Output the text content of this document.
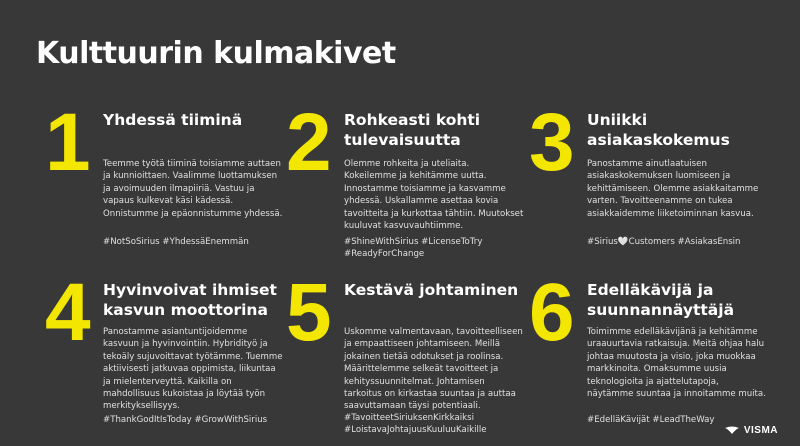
Kulttuurin kulmakivet
1 Yhdessä tiiminä
Teemme työtä tiiminä toisiamme auttaen ja kunnioittaen. Vaalimme luottamuksen ja avoimuuden ilmapiiriä. Vastuu ja vapaus kulkevat käsi kädessä. Onnistumme ja epäonnistumme yhdessä.
#NotSoSirius #YhdessäEnemmän
2 Rohkeasti kohti tulevaisuutta
Olemme rohkeita ja uteliaita. Kokeilemme ja kehitämme uutta. Innostamme toisiamme ja kasvamme yhdessä. Uskallamme asettaa kovia tavoitteita ja kurkottaa tähtiin. Muutokset kuuluvat kasvuvauhtiimme.
#ShineWithSirius #LicenseToTry #ReadyForChange
3 Uniikki asiakaskokemus
Panostamme ainutlaatuisen asiakaskokemuksen luomiseen ja kehittämiseen. Olemme asiakkaitamme varten. Tavoitteenamme on tukea asiakkaidemme liiketoiminnan kasvua.
#Sirius🤍Customers #AsiakasEnsin
4 Hyvinvoivat ihmiset kasvun moottorina
Panostamme asiantuntijoidemme kasvuun ja hyvinvointiin. Hybridityö ja tekoäly sujuvoittavat työtämme. Tuemme aktiivisesti jatkuvaa oppimista, liikuntaa ja mielenterveyttä. Kaikilla on mahdollisuus kukoistaa ja löytää työn merkityksellisyys.
#ThankGodItIsToday #GrowWithSirius
5 Kestävä johtaminen
Uskomme valmentavaan, tavoitteelliseen ja empaattiseen johtamiseen. Meillä jokainen tietää odotukset ja roolinsa. Määrittelemme selkeät tavoitteet ja kehityssuunnitelmat. Johtamisen tarkoitus on kirkastaa suuntaa ja auttaa saavuttamaan täysi potentiaali.
#TavoitteetSiriuksenKirkkaiksi #LoistavaJohtajuusKuuluuKaikille
6 Edelläkävijä ja suunnannäyttäjä
Toimimme edelläkävijänä ja kehitämme uraauurtavia ratkaisuja. Meitä ohjaa halu johtaa muutosta ja visio, joka muokkaa markkinoita. Omaksumme uusia teknologioita ja ajattelutapoja, näytämme suuntaa ja innoitamme muita.
#EdelläKävijät #LeadTheWay
VISMA
